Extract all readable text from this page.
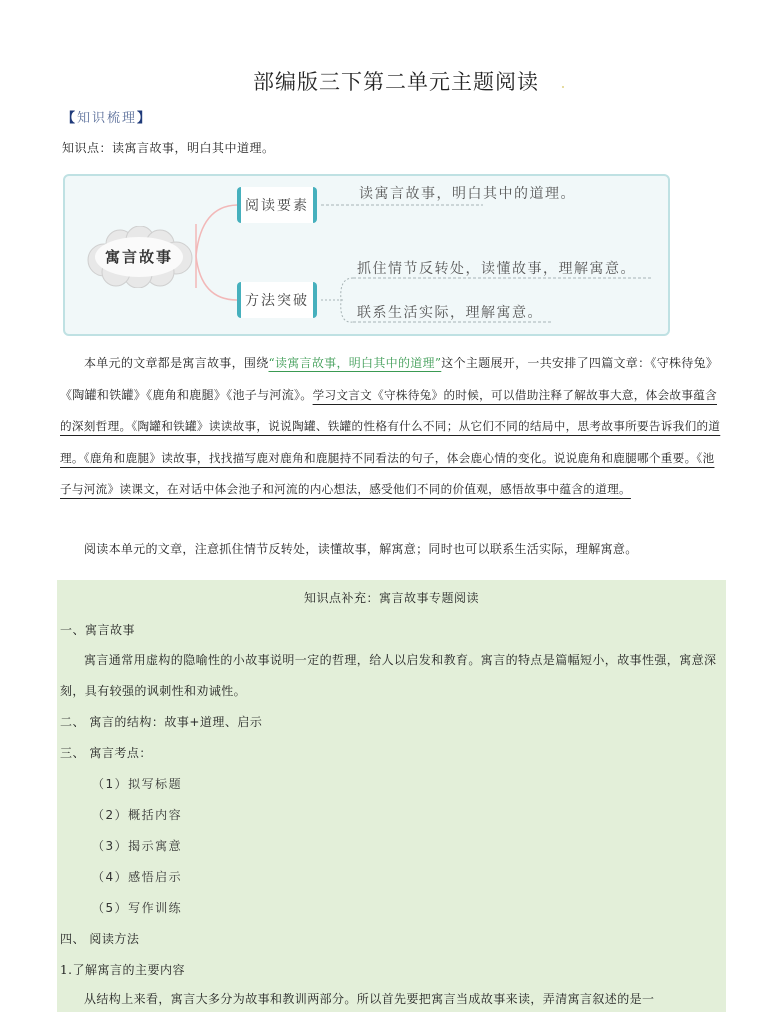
部编版三下第二单元主题阅读
【知识梳理】
知识点：读寓言故事，明白其中道理。
寓言故事
阅读要素
方法突破
读寓言故事，明白其中的道理。
抓住情节反转处，读懂故事，理解寓意。
联系生活实际，理解寓意。
本单元的文章都是寓言故事，围绕“读寓言故事，明白其中的道理”这个主题展开，一共安排了四篇文章：《守株待兔》《陶罐和铁罐》《鹿角和鹿腿》《池子与河流》。学习文言文《守株待兔》的时候，可以借助注释了解故事大意，体会故事蕴含的深刻哲理。《陶罐和铁罐》读读故事，说说陶罐、铁罐的性格有什么不同；从它们不同的结局中，思考故事所要告诉我们的道理。《鹿角和鹿腿》读故事，找找描写鹿对鹿角和鹿腿持不同看法的句子，体会鹿心情的变化。说说鹿角和鹿腿哪个重要。《池子与河流》读课文，在对话中体会池子和河流的内心想法，感受他们不同的价值观，感悟故事中蕴含的道理。
阅读本单元的文章，注意抓住情节反转处，读懂故事，解寓意；同时也可以联系生活实际，理解寓意。
知识点补充：寓言故事专题阅读
一、寓言故事
寓言通常用虚构的隐喻性的小故事说明一定的哲理，给人以启发和教育。寓言的特点是篇幅短小，故事性强，寓意深刻，具有较强的讽刺性和劝诫性。
二、 寓言的结构：故事+道理、启示
三、 寓言考点：
（1）拟写标题
（2）概括内容
（3）揭示寓意
（4）感悟启示
（5）写作训练
四、 阅读方法
1.了解寓言的主要内容
从结构上来看，寓言大多分为故事和教训两部分。所以首先要把寓言当成故事来读，弄清寓言叙述的是一
